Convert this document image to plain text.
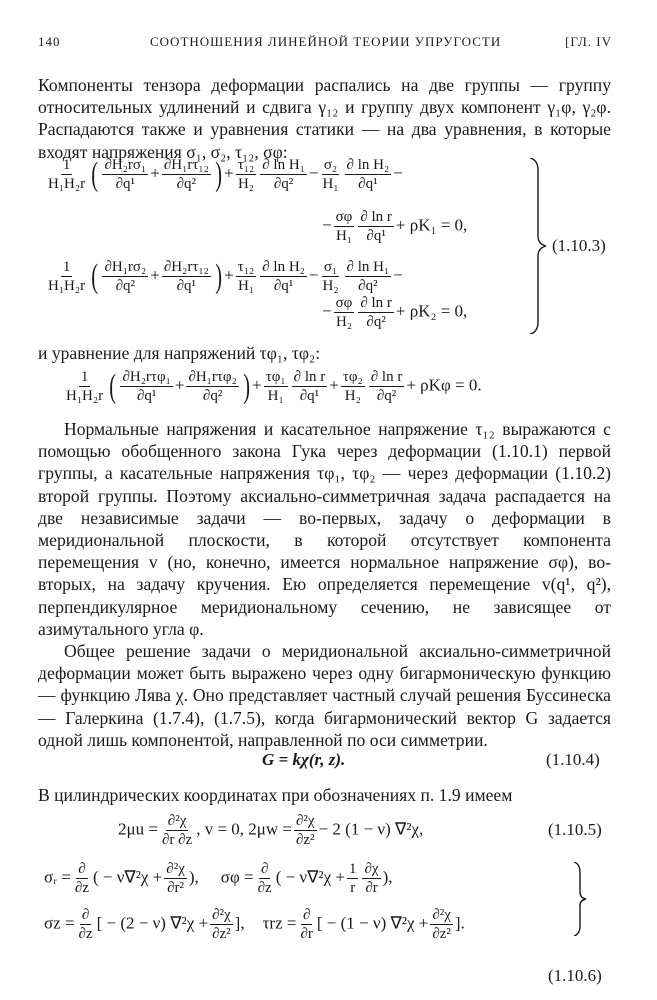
140	СООТНОШЕНИЯ ЛИНЕЙНОЙ ТЕОРИИ УПРУГОСТИ	[ГЛ. IV
Компоненты тензора деформации распались на две группы — группу относительных удлинений и сдвига γ₁₂ и группу двух компонент γ₁φ, γ₂φ. Распадаются также и уравнения статики — на два уравнения, в которые входят напряжения σ₁, σ₂, τ₁₂, σφ:
$\frac{1}{\text{H₁H₂r}}$ ( $\frac{\text{∂H₂rσ₁}}{\text{∂q¹}} + \frac{\text{∂H₁rτ₁₂}}{\text{∂q²}}$ ) + $\frac{\text{τ₁₂}}{\text{H₂}} \frac{\text{∂ ln H₁}}{\text{∂q²}} - \frac{\text{σ₂}}{\text{H₁}} \frac{\text{∂ ln H₂}}{\text{∂q¹}}$ −
− $\frac{\sigma\varphi}{\text{H₁}} \frac{\text{∂ ln r}}{\text{∂q¹}} + \rho K_1 = 0$,
$\frac{1}{\text{H₁H₂r}}$ ( $\frac{\text{∂H₁rσ₂}}{\text{∂q²}} + \frac{\text{∂H₂rτ₁₂}}{\text{∂q¹}}$ ) + $\frac{\text{τ₁₂}}{\text{H₁}} \frac{\text{∂ ln H₂}}{\text{∂q¹}} - \frac{\text{σ₁}}{\text{H₂}} \frac{\text{∂ ln H₁}}{\text{∂q²}}$ −
− $\frac{\sigma\varphi}{\text{H₂}} \frac{\text{∂ ln r}}{\text{∂q²}} + \rho K_2 = 0$,
(1.10.3)
и уравнение для напряжений τφ₁, τφ₂:
$\frac{1}{\text{H₁H₂r}}$ ( $\frac{\text{∂H₂rτφ₁}}{\text{∂q¹}} + \frac{\text{∂H₁rτφ₂}}{\text{∂q²}}$ ) + $\frac{\text{τφ₁}}{\text{H₁}} \frac{\text{∂ ln r}}{\text{∂q¹}} + \frac{\text{τφ₂}}{\text{H₂}} \frac{\text{∂ ln r}}{\text{∂q²}} + \rho K\varphi = 0$.
Нормальные напряжения и касательное напряжение τ₁₂ выражаются с помощью обобщенного закона Гука через деформации (1.10.1) первой группы, а касательные напряжения τφ₁, τφ₂ — через деформации (1.10.2) второй группы. Поэтому аксиально-симметричная задача распадается на две независимые задачи — во-первых, задачу о деформации в меридиональной плоскости, в которой отсутствует компонента перемещения v (но, конечно, имеется нормальное напряжение σφ), во-вторых, на задачу кручения. Ею определяется перемещение v(q¹, q²), перпендикулярное меридиональному сечению, не зависящее от азимутального угла φ.
Общее решение задачи о меридиональной аксиально-симметричной деформации может быть выражено через одну бигармоническую функцию — функцию Лява χ. Оно представляет частный случай решения Буссинеска — Галеркина (1.7.4), (1.7.5), когда бигармонический вектор G задается одной лишь компонентой, направленной по оси симметрии.
G = kχ(r, z).	(1.10.4)
В цилиндрических координатах при обозначениях п. 1.9 имеем
$2\mu u = \frac{\text{∂²χ}}{\partial r \partial z}$ , v = 0, $2\mu w = \frac{\text{∂²χ}}{\text{∂z²}} - 2$ (1 − ν) ∇²χ,	(1.10.5)
σᵣ = $\frac{\partial}{\partial z}$ ( − $\nu\nabla^2\chi + \frac{\text{∂²χ}}{\text{∂r²}}$ ), $\sigma\varphi = \frac{\partial}{\partial z}$ ( − $\nu\nabla^2\chi + \frac{1}{r} \frac{\partial\chi}{\partial r}$ ),
$\sigma z = \frac{\partial}{\partial z}$ [ − (2 − ν) $\nabla^2\chi + \frac{\text{∂²χ}}{\text{∂z²}}$ ], $\tau rz = \frac{\partial}{\partial r}$ [ − (1 − ν) $\nabla^2\chi + \frac{\text{∂²χ}}{\text{∂z²}}$ ].
(1.10.6)
